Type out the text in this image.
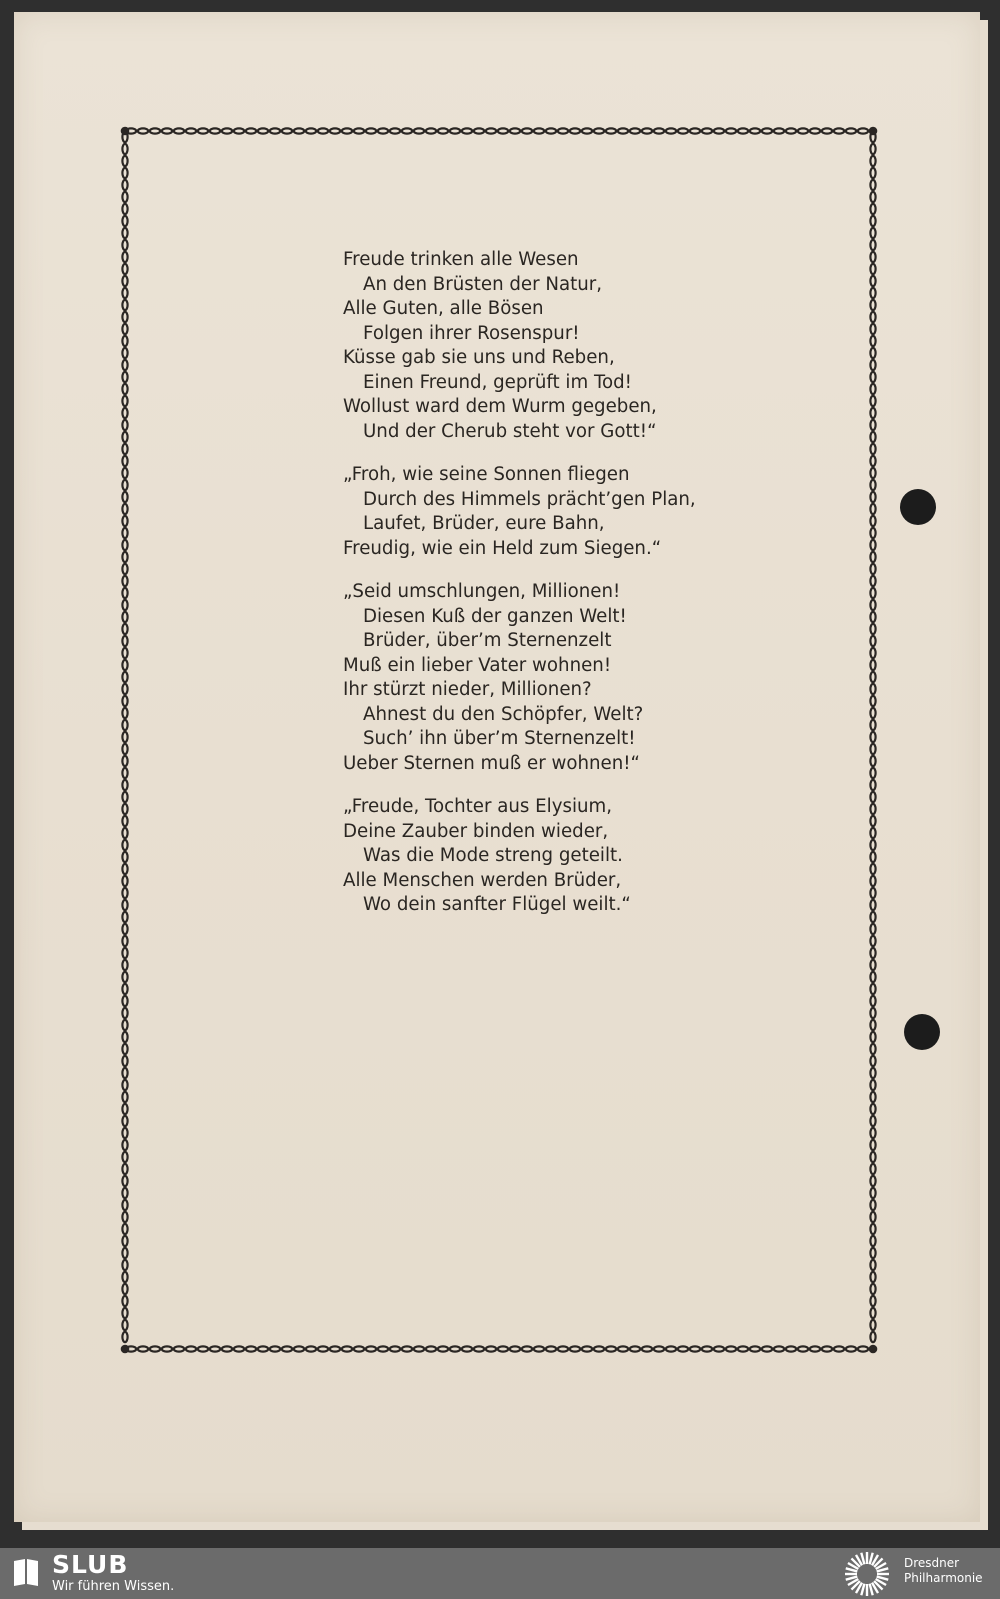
Freude trinken alle Wesen
An den Brüsten der Natur,
Alle Guten, alle Bösen
Folgen ihrer Rosenspur!
Küsse gab sie uns und Reben,
Einen Freund, geprüft im Tod!
Wollust ward dem Wurm gegeben,
Und der Cherub steht vor Gott!“
„Froh, wie seine Sonnen fliegen
Durch des Himmels prächt’gen Plan,
Laufet, Brüder, eure Bahn,
Freudig, wie ein Held zum Siegen.“
„Seid umschlungen, Millionen!
Diesen Kuß der ganzen Welt!
Brüder, über’m Sternenzelt
Muß ein lieber Vater wohnen!
Ihr stürzt nieder, Millionen?
Ahnest du den Schöpfer, Welt?
Such’ ihn über’m Sternenzelt!
Ueber Sternen muß er wohnen!“
„Freude, Tochter aus Elysium,
Deine Zauber binden wieder,
Was die Mode streng geteilt.
Alle Menschen werden Brüder,
Wo dein sanfter Flügel weilt.“
SLUB
Wir führen Wissen.
Dresdner
Philharmonie
